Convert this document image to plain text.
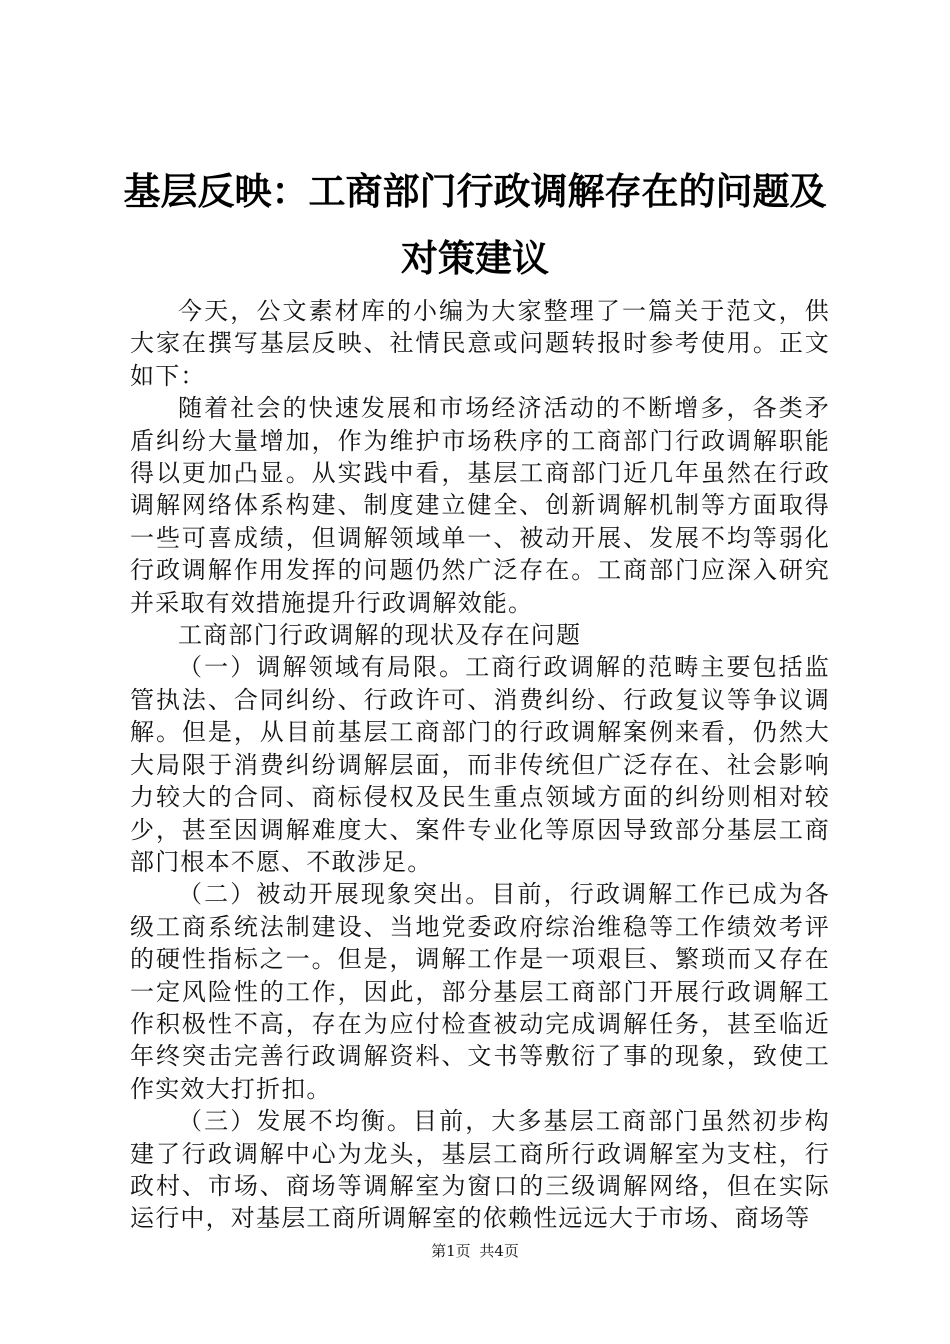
基层反映：工商部门行政调解存在的问题及对策建议

今天，公文素材库的小编为大家整理了一篇关于范文，供大家在撰写基层反映、社情民意或问题转报时参考使用。正文如下：

随着社会的快速发展和市场经济活动的不断增多，各类矛盾纠纷大量增加，作为维护市场秩序的工商部门行政调解职能得以更加凸显。从实践中看，基层工商部门近几年虽然在行政调解网络体系构建、制度建立健全、创新调解机制等方面取得一些可喜成绩，但调解领域单一、被动开展、发展不均等弱化行政调解作用发挥的问题仍然广泛存在。工商部门应深入研究并采取有效措施提升行政调解效能。

工商部门行政调解的现状及存在问题

（一）调解领域有局限。工商行政调解的范畴主要包括监管执法、合同纠纷、行政许可、消费纠纷、行政复议等争议调解。但是，从目前基层工商部门的行政调解案例来看，仍然大大局限于消费纠纷调解层面，而非传统但广泛存在、社会影响力较大的合同、商标侵权及民生重点领域方面的纠纷则相对较少，甚至因调解难度大、案件专业化等原因导致部分基层工商部门根本不愿、不敢涉足。

（二）被动开展现象突出。目前，行政调解工作已成为各级工商系统法制建设、当地党委政府综治维稳等工作绩效考评的硬性指标之一。但是，调解工作是一项艰巨、繁琐而又存在一定风险性的工作，因此，部分基层工商部门开展行政调解工作积极性不高，存在为应付检查被动完成调解任务，甚至临近年终突击完善行政调解资料、文书等敷衍了事的现象，致使工作实效大打折扣。

（三）发展不均衡。目前，大多基层工商部门虽然初步构建了行政调解中心为龙头，基层工商所行政调解室为支柱，行政村、市场、商场等调解室为窗口的三级调解网络，但在实际运行中，对基层工商所调解室的依赖性远远大于市场、商场等

第1页 共4页
